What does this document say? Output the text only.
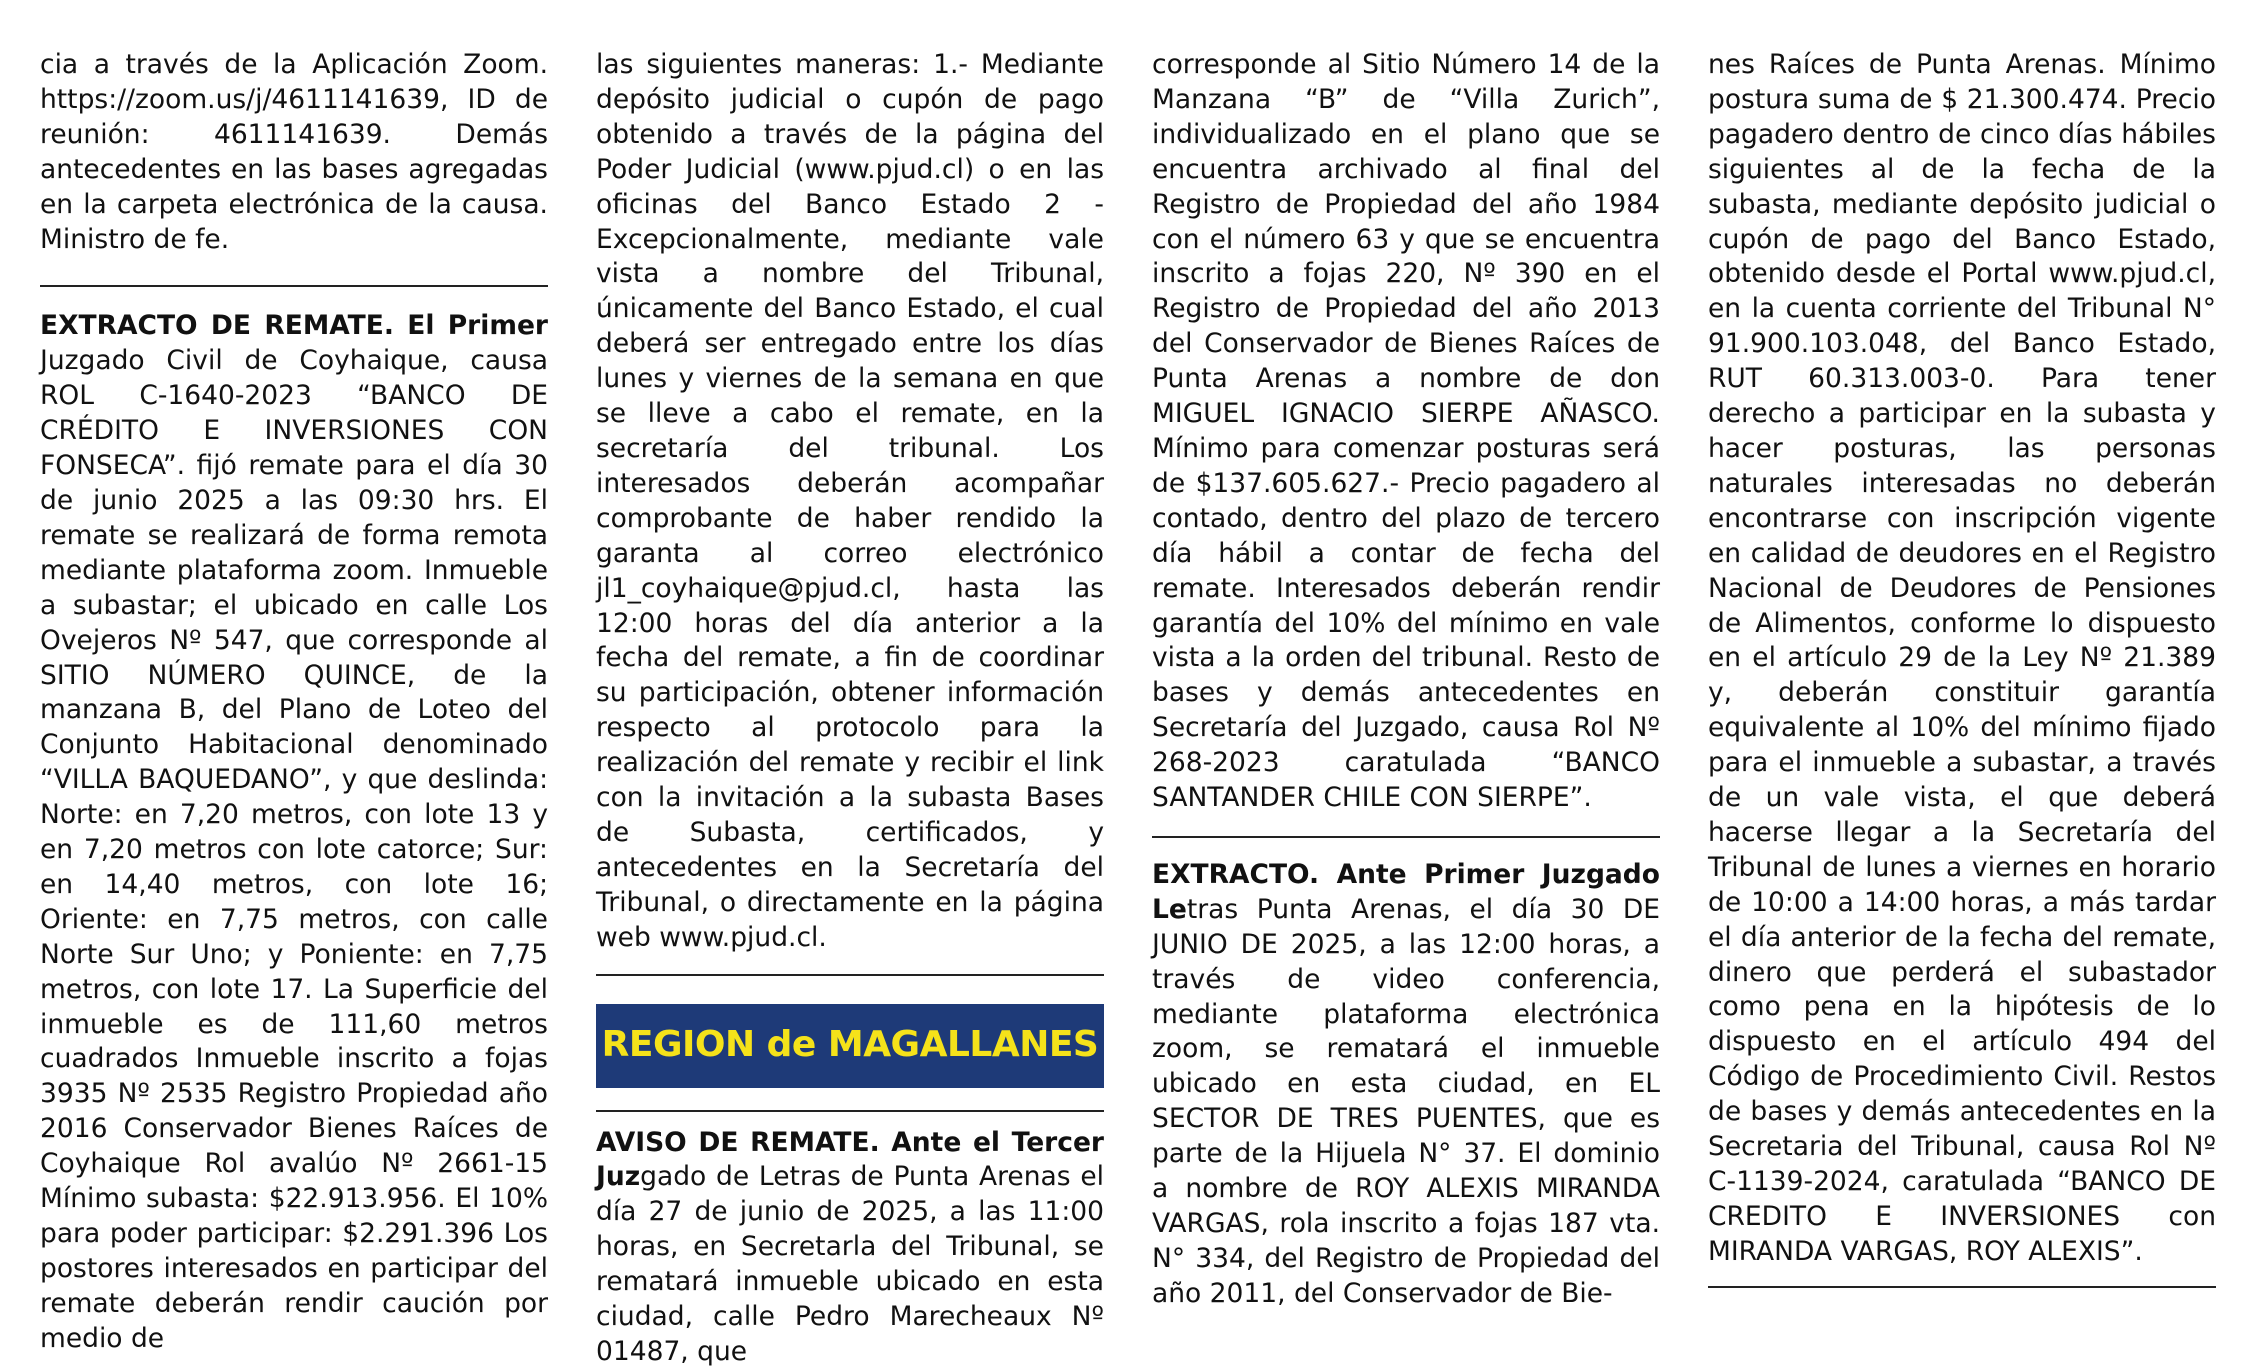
cia a través de la Aplicación Zoom. https://zoom.us/j/4611141639, ID de reunión: 4611141639. Demás antecedentes en las bases agregadas en la carpeta electrónica de la causa. Ministro de fe.

EXTRACTO DE REMATE. El Primer Juzgado Civil de Coyhaique, causa ROL C-1640-2023 “BANCO DE CRÉDITO E INVERSIONES CON FONSECA”. fijó remate para el día 30 de junio 2025 a las 09:30 hrs. El remate se realizará de forma remota mediante plataforma zoom. Inmueble a subastar; el ubicado en calle Los Ovejeros Nº 547, que corresponde al SITIO NÚMERO QUINCE, de la manzana B, del Plano de Loteo del Conjunto Habitacional denominado “VILLA BAQUEDANO”, y que deslinda: Norte: en 7,20 metros, con lote 13 y en 7,20 metros con lote catorce; Sur: en 14,40 metros, con lote 16; Oriente: en 7,75 metros, con calle Norte Sur Uno; y Poniente: en 7,75 metros, con lote 17. La Superficie del inmueble es de 111,60 metros cuadrados Inmueble inscrito a fojas 3935 Nº 2535 Registro Propiedad año 2016 Conservador Bienes Raíces de Coyhaique Rol avalúo Nº 2661-15 Mínimo subasta: $22.913.956. El 10% para poder participar: $2.291.396 Los postores interesados en participar del remate deberán rendir caución por medio de

las siguientes maneras: 1.- Mediante depósito judicial o cupón de pago obtenido a través de la página del Poder Judicial (www.pjud.cl) o en las oficinas del Banco Estado 2 - Excepcionalmente, mediante vale vista a nombre del Tribunal, únicamente del Banco Estado, el cual deberá ser entregado entre los días lunes y viernes de la semana en que se lleve a cabo el remate, en la secretaría del tribunal. Los interesados deberán acompañar comprobante de haber rendido la garanta al correo electrónico jl1_coyhaique@pjud.cl, hasta las 12:00 horas del día anterior a la fecha del remate, a fin de coordinar su participación, obtener información respecto al protocolo para la realización del remate y recibir el link con la invitación a la subasta Bases de Subasta, certificados, y antecedentes en la Secretaría del Tribunal, o directamente en la página web www.pjud.cl.

REGION de MAGALLANES

AVISO DE REMATE. Ante el Tercer Juzgado de Letras de Punta Arenas el día 27 de junio de 2025, a las 11:00 horas, en Secretarla del Tribunal, se rematará inmueble ubicado en esta ciudad, calle Pedro Marecheaux Nº 01487, que

corresponde al Sitio Número 14 de la Manzana “B” de “Villa Zurich”, individualizado en el plano que se encuentra archivado al final del Registro de Propiedad del año 1984 con el número 63 y que se encuentra inscrito a fojas 220, Nº 390 en el Registro de Propiedad del año 2013 del Conservador de Bienes Raíces de Punta Arenas a nombre de don MIGUEL IGNACIO SIERPE AÑASCO. Mínimo para comenzar posturas será de $137.605.627.- Precio pagadero al contado, dentro del plazo de tercero día hábil a contar de fecha del remate. Interesados deberán rendir garantía del 10% del mínimo en vale vista a la orden del tribunal. Resto de bases y demás antecedentes en Secretaría del Juzgado, causa Rol Nº 268-2023 caratulada “BANCO SANTANDER CHILE CON SIERPE”.

EXTRACTO. Ante Primer Juzgado Letras Punta Arenas, el día 30 DE JUNIO DE 2025, a las 12:00 horas, a través de video conferencia, mediante plataforma electrónica zoom, se rematará el inmueble ubicado en esta ciudad, en EL SECTOR DE TRES PUENTES, que es parte de la Hijuela N° 37. El dominio a nombre de ROY ALEXIS MIRANDA VARGAS, rola inscrito a fojas 187 vta. N° 334, del Registro de Propiedad del año 2011, del Conservador de Bie-

nes Raíces de Punta Arenas. Mínimo postura suma de $ 21.300.474. Precio pagadero dentro de cinco días hábiles siguientes al de la fecha de la subasta, mediante depósito judicial o cupón de pago del Banco Estado, obtenido desde el Portal www.pjud.cl, en la cuenta corriente del Tribunal N° 91.900.103.048, del Banco Estado, RUT 60.313.003-0. Para tener derecho a participar en la subasta y hacer posturas, las personas naturales interesadas no deberán encontrarse con inscripción vigente en calidad de deudores en el Registro Nacional de Deudores de Pensiones de Alimentos, conforme lo dispuesto en el artículo 29 de la Ley Nº 21.389 y, deberán constituir garantía equivalente al 10% del mínimo fijado para el inmueble a subastar, a través de un vale vista, el que deberá hacerse llegar a la Secretaría del Tribunal de lunes a viernes en horario de 10:00 a 14:00 horas, a más tardar el día anterior de la fecha del remate, dinero que perderá el subastador como pena en la hipótesis de lo dispuesto en el artículo 494 del Código de Procedimiento Civil. Restos de bases y demás antecedentes en la Secretaria del Tribunal, causa Rol Nº C-1139-2024, caratulada “BANCO DE CREDITO E INVERSIONES con MIRANDA VARGAS, ROY ALEXIS”.
